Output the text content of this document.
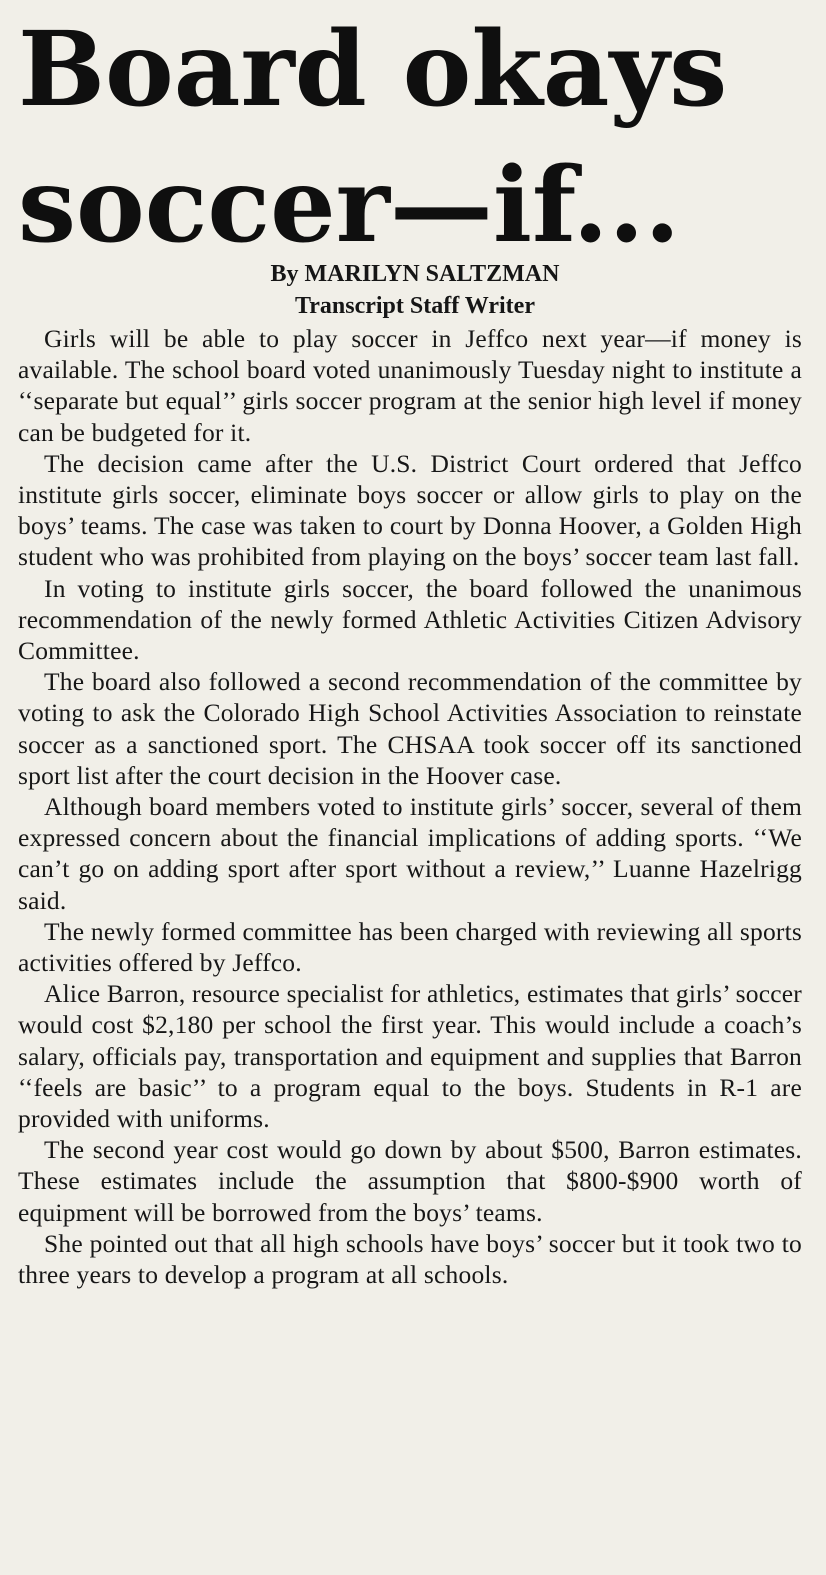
Board okays
soccer—if...
By MARILYN SALTZMAN
Transcript Staff Writer

Girls will be able to play soccer in Jeffco next year—if money is available. The school board voted unanimously Tuesday night to institute a ‘‘separate but equal’’ girls soccer program at the senior high level if money can be budgeted for it.

The decision came after the U.S. District Court ordered that Jeffco institute girls soccer, eliminate boys soccer or allow girls to play on the boys’ teams. The case was taken to court by Donna Hoover, a Golden High student who was prohibited from playing on the boys’ soccer team last fall.

In voting to institute girls soccer, the board followed the unanimous recommendation of the newly formed Athletic Activities Citizen Advisory Committee.

The board also followed a second recommendation of the committee by voting to ask the Colorado High School Activities Association to reinstate soccer as a sanctioned sport. The CHSAA took soccer off its sanctioned sport list after the court decision in the Hoover case.

Although board members voted to institute girls’ soccer, several of them expressed concern about the financial implications of adding sports. ‘‘We can’t go on adding sport after sport without a review,’’ Luanne Hazelrigg said.

The newly formed committee has been charged with reviewing all sports activities offered by Jeffco.

Alice Barron, resource specialist for athletics, estimates that girls’ soccer would cost $2,180 per school the first year. This would include a coach’s salary, officials pay, transportation and equipment and supplies that Barron ‘‘feels are basic’’ to a program equal to the boys. Students in R-1 are provided with uniforms.

The second year cost would go down by about $500, Barron estimates. These estimates include the assumption that $800-$900 worth of equipment will be borrowed from the boys’ teams.

She pointed out that all high schools have boys’ soccer but it took two to three years to develop a program at all schools.
